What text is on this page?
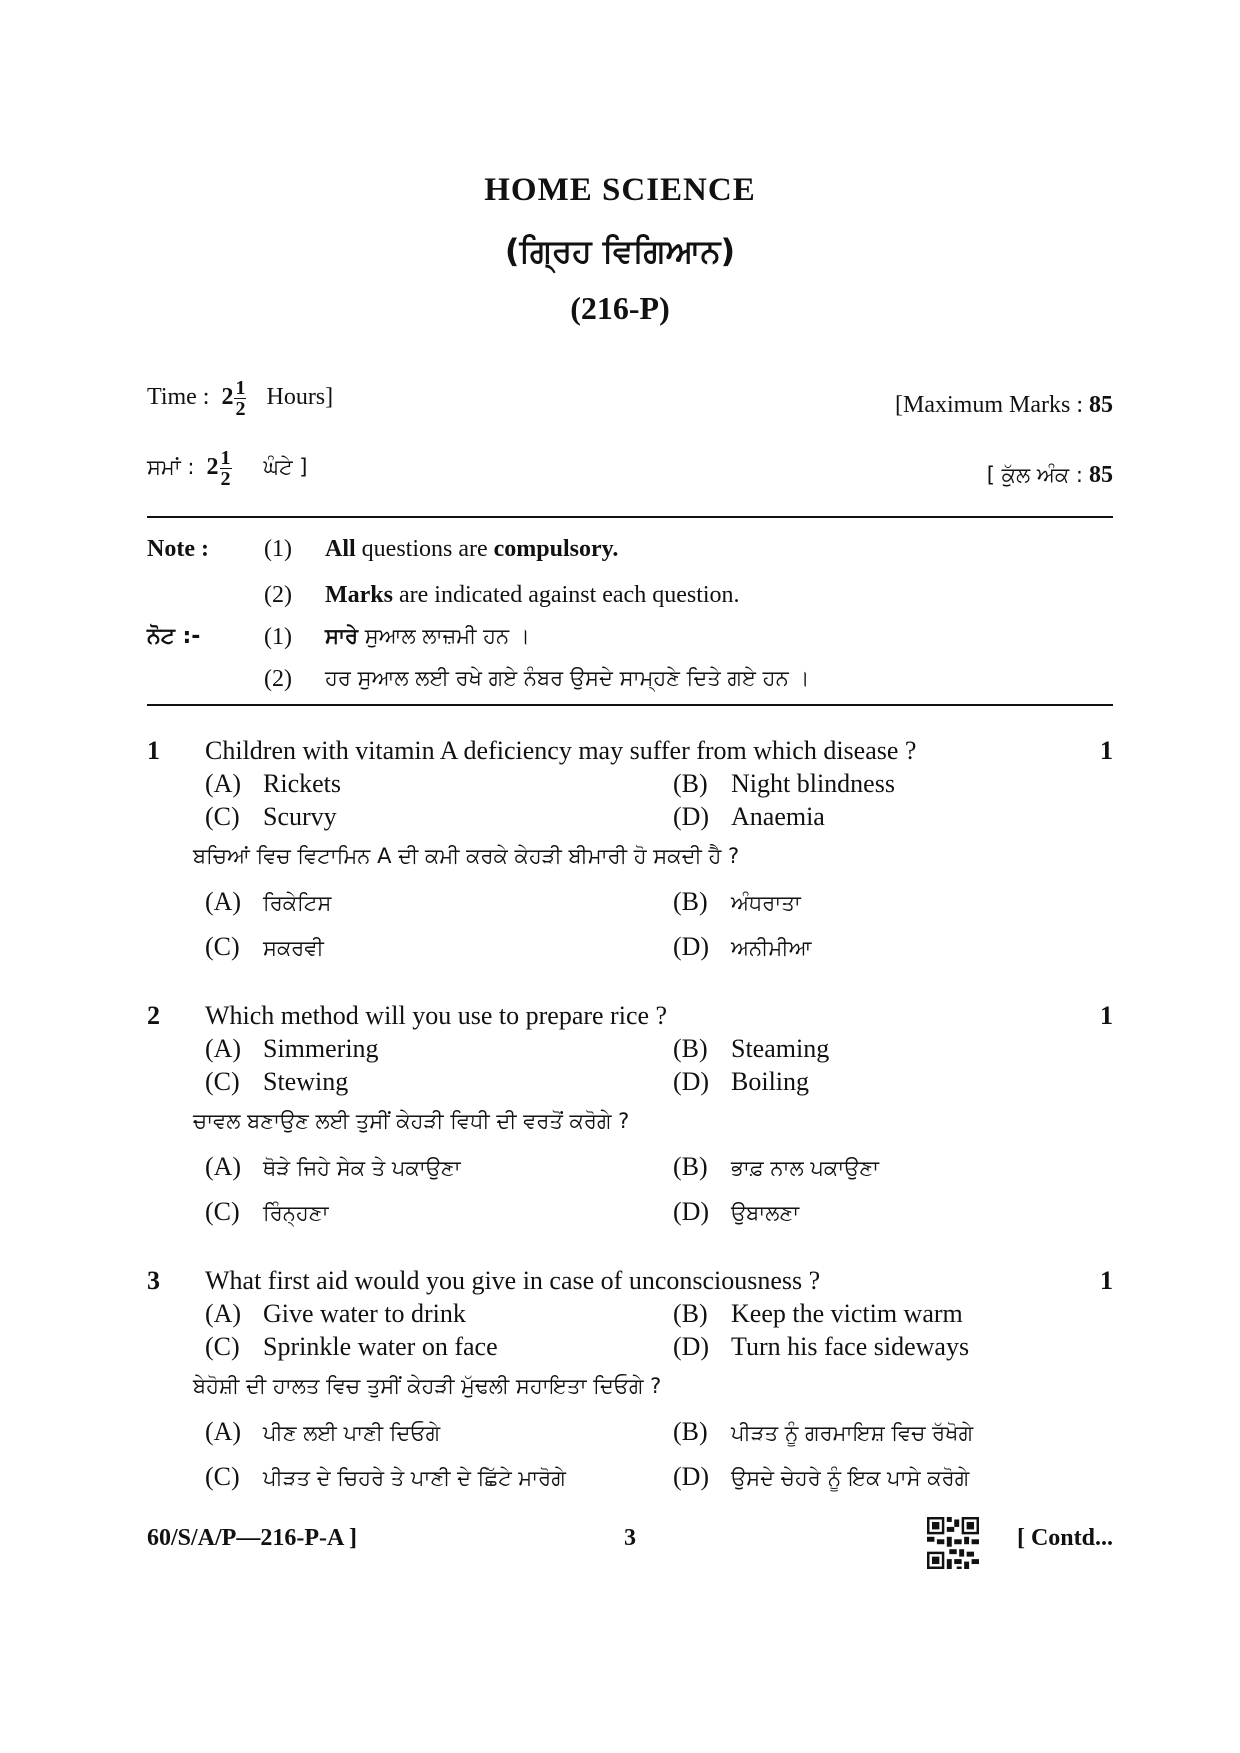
HOME SCIENCE
(ਗ੍ਰਿਹ ਵਿਗਿਆਨ)
(216-P)
Time : $2 \frac{1}{2}$ Hours]	[Maximum Marks : 85
ਸਮਾਂ : $2 \frac{1}{2}$ ਘੰਟੇ ]	[ ਕੁੱਲ ਅੰਕ : 85
Note : (1) All questions are compulsory.
(2) Marks are indicated against each question.
ਨੋਟ :-	(1) ਸਾਰੇ ਸੁਆਲ ਲਾਜ਼ਮੀ ਹਨ ।
(2) ਹਰ ਸੁਆਲ ਲਈ ਰਖੇ ਗਏ ਨੰਬਰ ਉਸਦੇ ਸਾਮ੍ਹਣੇ ਦਿਤੇ ਗਏ ਹਨ ।
1 Children with vitamin A deficiency may suffer from which disease ?	1
(A) Rickets	(B) Night blindness
(C) Scurvy	(D) Anaemia
ਬਚਿਆਂ ਵਿਚ ਵਿਟਾਮਿਨ A ਦੀ ਕਮੀ ਕਰਕੇ ਕੇਹੜੀ ਬੀਮਾਰੀ ਹੋ ਸਕਦੀ ਹੈ ?
(A) ਰਿਕੇਟਿਸ	(B) ਅੰਧਰਾਤਾ
(C) ਸਕਰਵੀ	(D) ਅਨੀਮੀਆ
2 Which method will you use to prepare rice ?	1
(A) Simmering	(B) Steaming
(C) Stewing	(D) Boiling
ਚਾਵਲ ਬਣਾਉਣ ਲਈ ਤੁਸੀਂ ਕੇਹੜੀ ਵਿਧੀ ਦੀ ਵਰਤੋਂ ਕਰੋਗੇ ?
(A) ਥੋੜੇ ਜਿਹੇ ਸੇਕ ਤੇ ਪਕਾਉਣਾ	(B) ਭਾਫ਼ ਨਾਲ ਪਕਾਉਣਾ
(C) ਰਿੰਨ੍ਹਣਾ	(D) ਉਬਾਲਣਾ
3 What first aid would you give in case of unconsciousness ?	1
(A) Give water to drink	(B) Keep the victim warm
(C) Sprinkle water on face	(D) Turn his face sideways
ਬੇਹੋਸ਼ੀ ਦੀ ਹਾਲਤ ਵਿਚ ਤੁਸੀਂ ਕੇਹੜੀ ਮੁੱਢਲੀ ਸਹਾਇਤਾ ਦਿਓਗੇ ?
(A) ਪੀਣ ਲਈ ਪਾਣੀ ਦਿਓਗੇ	(B) ਪੀੜਤ ਨੂੰ ਗਰਮਾਇਸ਼ ਵਿਚ ਰੱਖੋਗੇ
(C) ਪੀੜਤ ਦੇ ਚਿਹਰੇ ਤੇ ਪਾਣੀ ਦੇ ਛਿੱਟੇ ਮਾਰੋਗੇ	(D) ਉਸਦੇ ਚੇਹਰੇ ਨੂੰ ਇਕ ਪਾਸੇ ਕਰੋਗੇ
60/S/A/P—216-P-A ]	3	[ Contd...
